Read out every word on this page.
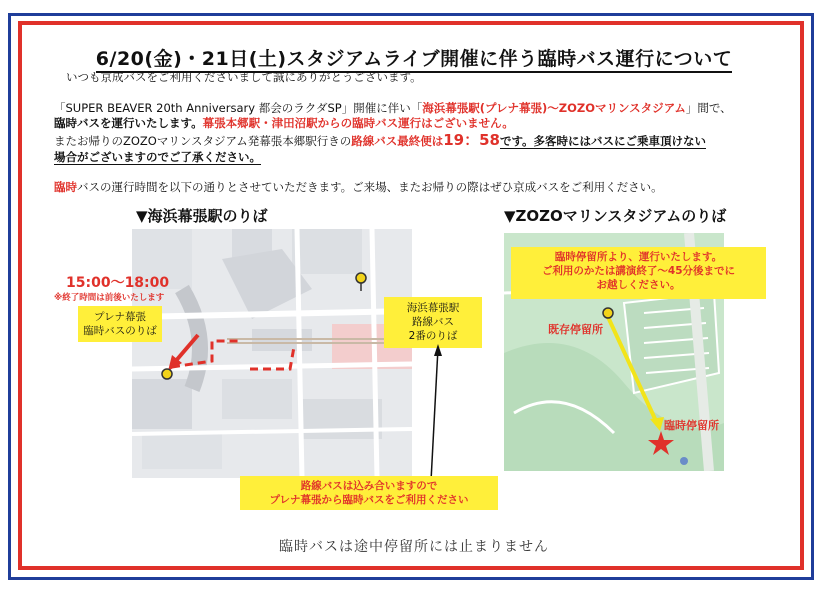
6/20(金)・21日(土)スタジアムライブ開催に伴う臨時バス運行について
いつも京成バスをご利用くださいまして誠にありがとうございます。
「SUPER BEAVER 20th Anniversary 都会のラクダSP」開催に伴い「海浜幕張駅(プレナ幕張)～ZOZOマリンスタジアム」間で、
臨時バスを運行いたします。幕張本郷駅・津田沼駅からの臨時バス運行はございません。
またお帰りのZOZOマリンスタジアム発幕張本郷駅行きの路線バス最終便は19：58です。多客時にはバスにご乗車頂けない
場合がございますのでご了承ください。
臨時バスの運行時間を以下の通りとさせていただきます。ご来場、またお帰りの際はぜひ京成バスをご利用ください。
▼海浜幕張駅のりば	▼ZOZOマリンスタジアムのりば
15:00～18:00
※終了時間は前後いたします
プレナ幕張
臨時バスのりば
海浜幕張駅
路線バス
2番のりば
路線バスは込み合いますので
プレナ幕張から臨時バスをご利用ください
臨時停留所より、運行いたします。
ご利用のかたは講演終了～45分後までに
お越しください。
既存停留所
臨時停留所
臨時バスは途中停留所には止まりません
